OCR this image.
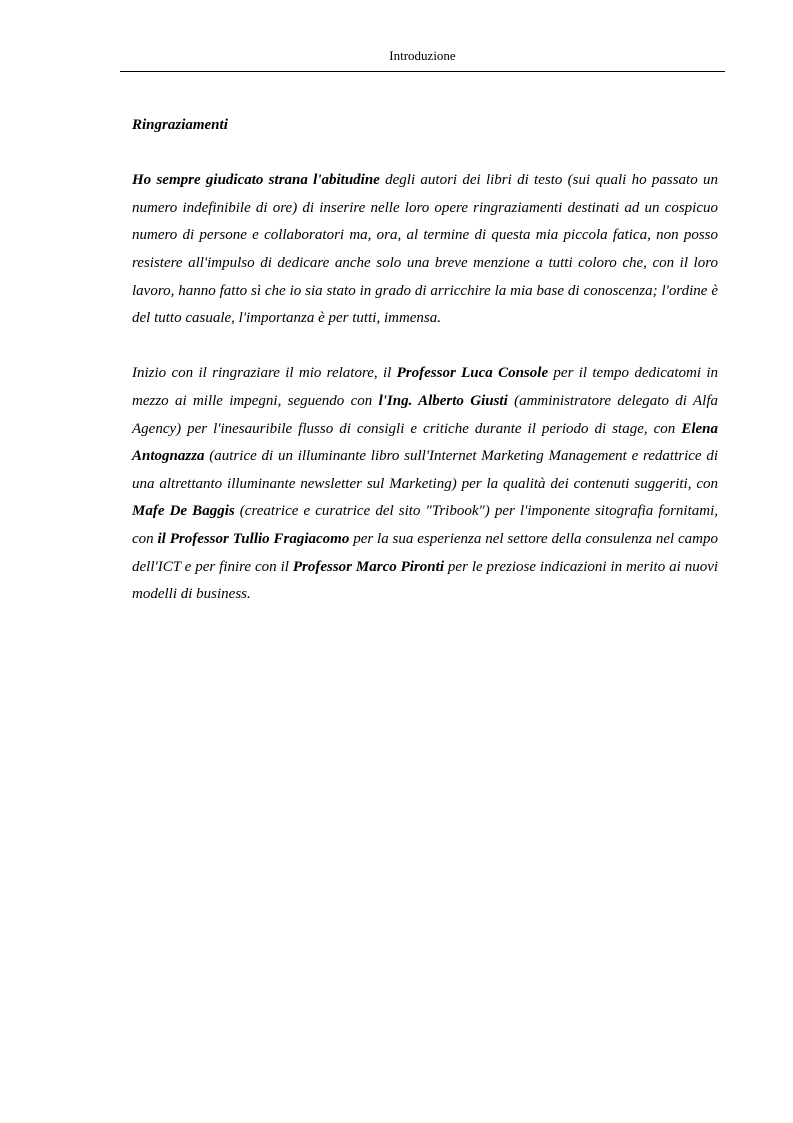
Introduzione

Ringraziamenti

Ho sempre giudicato strana l'abitudine degli autori dei libri di testo (sui quali ho passato un numero indefinibile di ore) di inserire nelle loro opere ringraziamenti destinati ad un cospicuo numero di persone e collaboratori ma, ora, al termine di questa mia piccola fatica, non posso resistere all'impulso di dedicare anche solo una breve menzione a tutti coloro che, con il loro lavoro, hanno fatto sì che io sia stato in grado di arricchire la mia base di conoscenza; l'ordine è del tutto casuale, l'importanza è per tutti, immensa.

Inizio con il ringraziare il mio relatore, il Professor Luca Console per il tempo dedicatomi in mezzo ai mille impegni, seguendo con l'Ing. Alberto Giusti (amministratore delegato di Alfa Agency) per l'inesauribile flusso di consigli e critiche durante il periodo di stage, con Elena Antognazza (autrice di un illuminante libro sull'Internet Marketing Management e redattrice di una altrettanto illuminante newsletter sul Marketing) per la qualità dei contenuti suggeriti, con Mafe De Baggis (creatrice e curatrice del sito "Tribook") per l'imponente sitografia fornitami, con il Professor Tullio Fragiacomo per la sua esperienza nel settore della consulenza nel campo dell'ICT e per finire con il Professor Marco Pironti per le preziose indicazioni in merito ai nuovi modelli di business.
